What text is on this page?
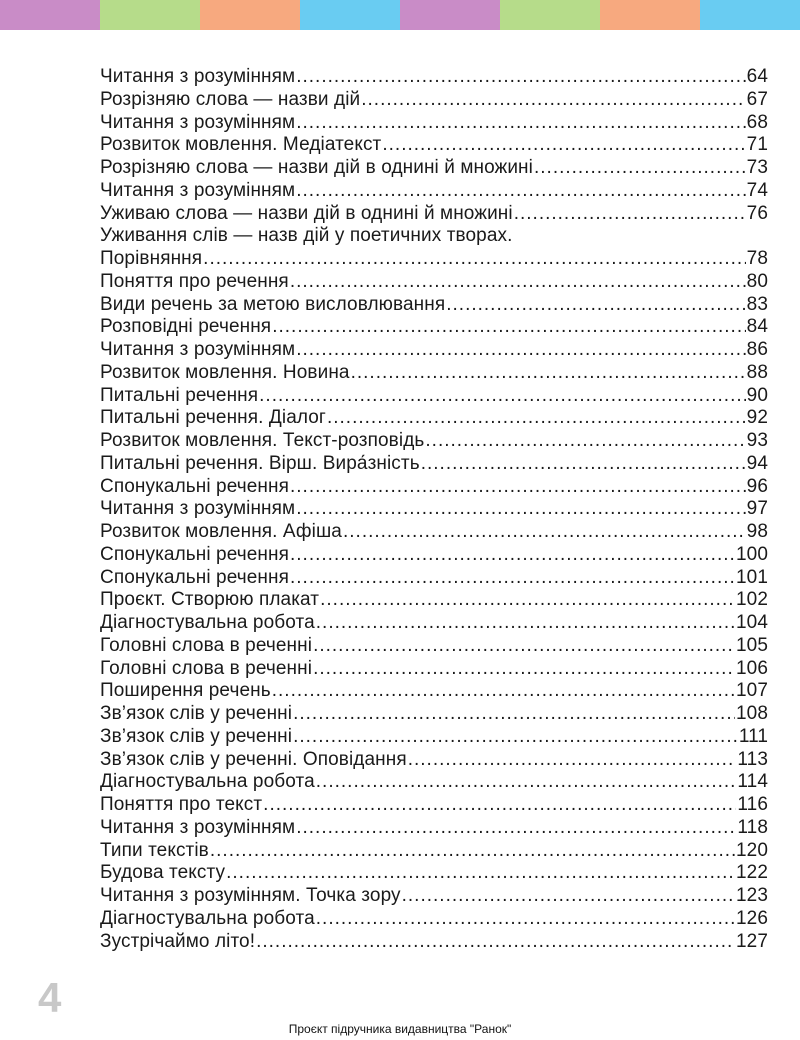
Читання з розумінням .....	64
Розрізняю слова — назви дій .....	67
Читання з розумінням .....	68
Розвиток мовлення. Медіатекст .....	71
Розрізняю слова — назви дій в однині й множині .....	73
Читання з розумінням .....	74
Уживаю слова — назви дій в однині й множині .....	76
Уживання слів — назв дій у поетичних творах.
Порівняння .....	78
Поняття про речення .....	80
Види речень за метою висловлювання .....	83
Розповідні речення .....	84
Читання з розумінням .....	86
Розвиток мовлення. Новина .....	88
Питальні речення .....	90
Питальні речення. Діалог .....	92
Розвиток мовлення. Текст-розповідь .....	93
Питальні речення. Вірш. Вира́зність .....	94
Спонукальні речення .....	96
Читання з розумінням .....	97
Розвиток мовлення. Афіша .....	98
Спонукальні речення .....	100
Спонукальні речення .....	101
Проєкт. Створюю плакат .....	102
Діагностувальна робота .....	104
Головні слова в реченні .....	105
Головні слова в реченні .....	106
Поширення речень .....	107
Зв’язок слів у реченні .....	108
Зв’язок слів у реченні .....	111
Зв’язок слів у реченні. Оповідання .....	113
Діагностувальна робота .....	114
Поняття про текст .....	116
Читання з розумінням .....	118
Типи текстів .....	120
Будова тексту .....	122
Читання з розумінням. Точка зору .....	123
Діагностувальна робота .....	126
Зустрічаймо літо! .....	127
4
Проєкт підручника видавництва "Ранок"
